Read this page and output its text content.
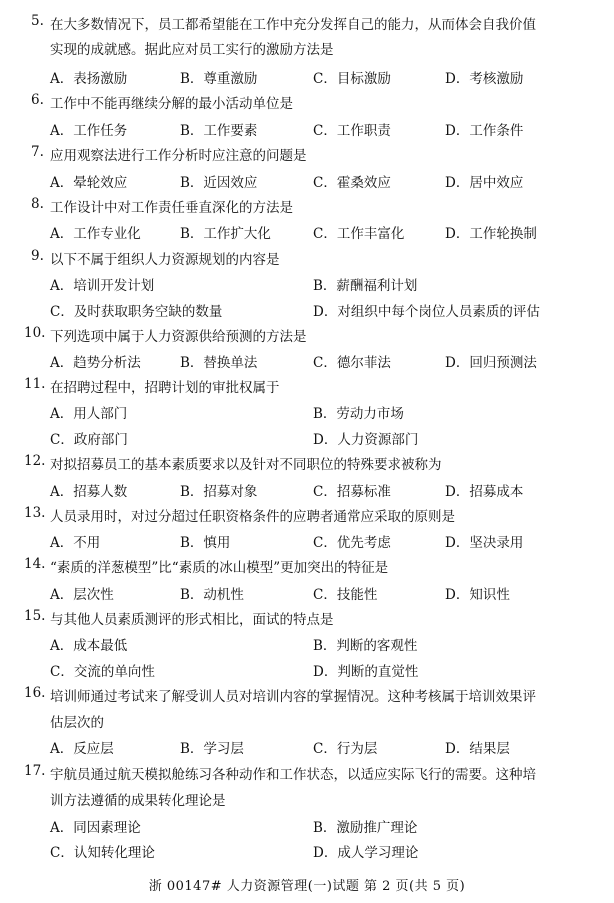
5. 在大多数情况下，员工都希望能在工作中充分发挥自己的能力，从而体会自我价值
实现的成就感。据此应对员工实行的激励方法是
A．表扬激励	B．尊重激励	C．目标激励	D．考核激励
6. 工作中不能再继续分解的最小活动单位是
A．工作任务	B．工作要素	C．工作职责	D．工作条件
7. 应用观察法进行工作分析时应注意的问题是
A．晕轮效应	B．近因效应	C．霍桑效应	D．居中效应
8. 工作设计中对工作责任垂直深化的方法是
A．工作专业化	B．工作扩大化	C．工作丰富化	D．工作轮换制
9. 以下不属于组织人力资源规划的内容是
A．培训开发计划	B．薪酬福利计划
C．及时获取职务空缺的数量	D．对组织中每个岗位人员素质的评估
10. 下列选项中属于人力资源供给预测的方法是
A．趋势分析法	B．替换单法	C．德尔菲法	D．回归预测法
11. 在招聘过程中，招聘计划的审批权属于
A．用人部门	B．劳动力市场
C．政府部门	D．人力资源部门
12. 对拟招募员工的基本素质要求以及针对不同职位的特殊要求被称为
A．招募人数	B．招募对象	C．招募标准	D．招募成本
13. 人员录用时，对过分超过任职资格条件的应聘者通常应采取的原则是
A．不用	B．慎用	C．优先考虑	D．坚决录用
14. “素质的洋葱模型”比“素质的冰山模型”更加突出的特征是
A．层次性	B．动机性	C．技能性	D．知识性
15. 与其他人员素质测评的形式相比，面试的特点是
A．成本最低	B．判断的客观性
C．交流的单向性	D．判断的直觉性
16. 培训师通过考试来了解受训人员对培训内容的掌握情况。这种考核属于培训效果评
估层次的
A．反应层	B．学习层	C．行为层	D．结果层
17. 宇航员通过航天模拟舱练习各种动作和工作状态，以适应实际飞行的需要。这种培
训方法遵循的成果转化理论是
A．同因素理论	B．激励推广理论
C．认知转化理论	D．成人学习理论
浙 00147# 人力资源管理(一)试题 第 2 页(共 5 页)
